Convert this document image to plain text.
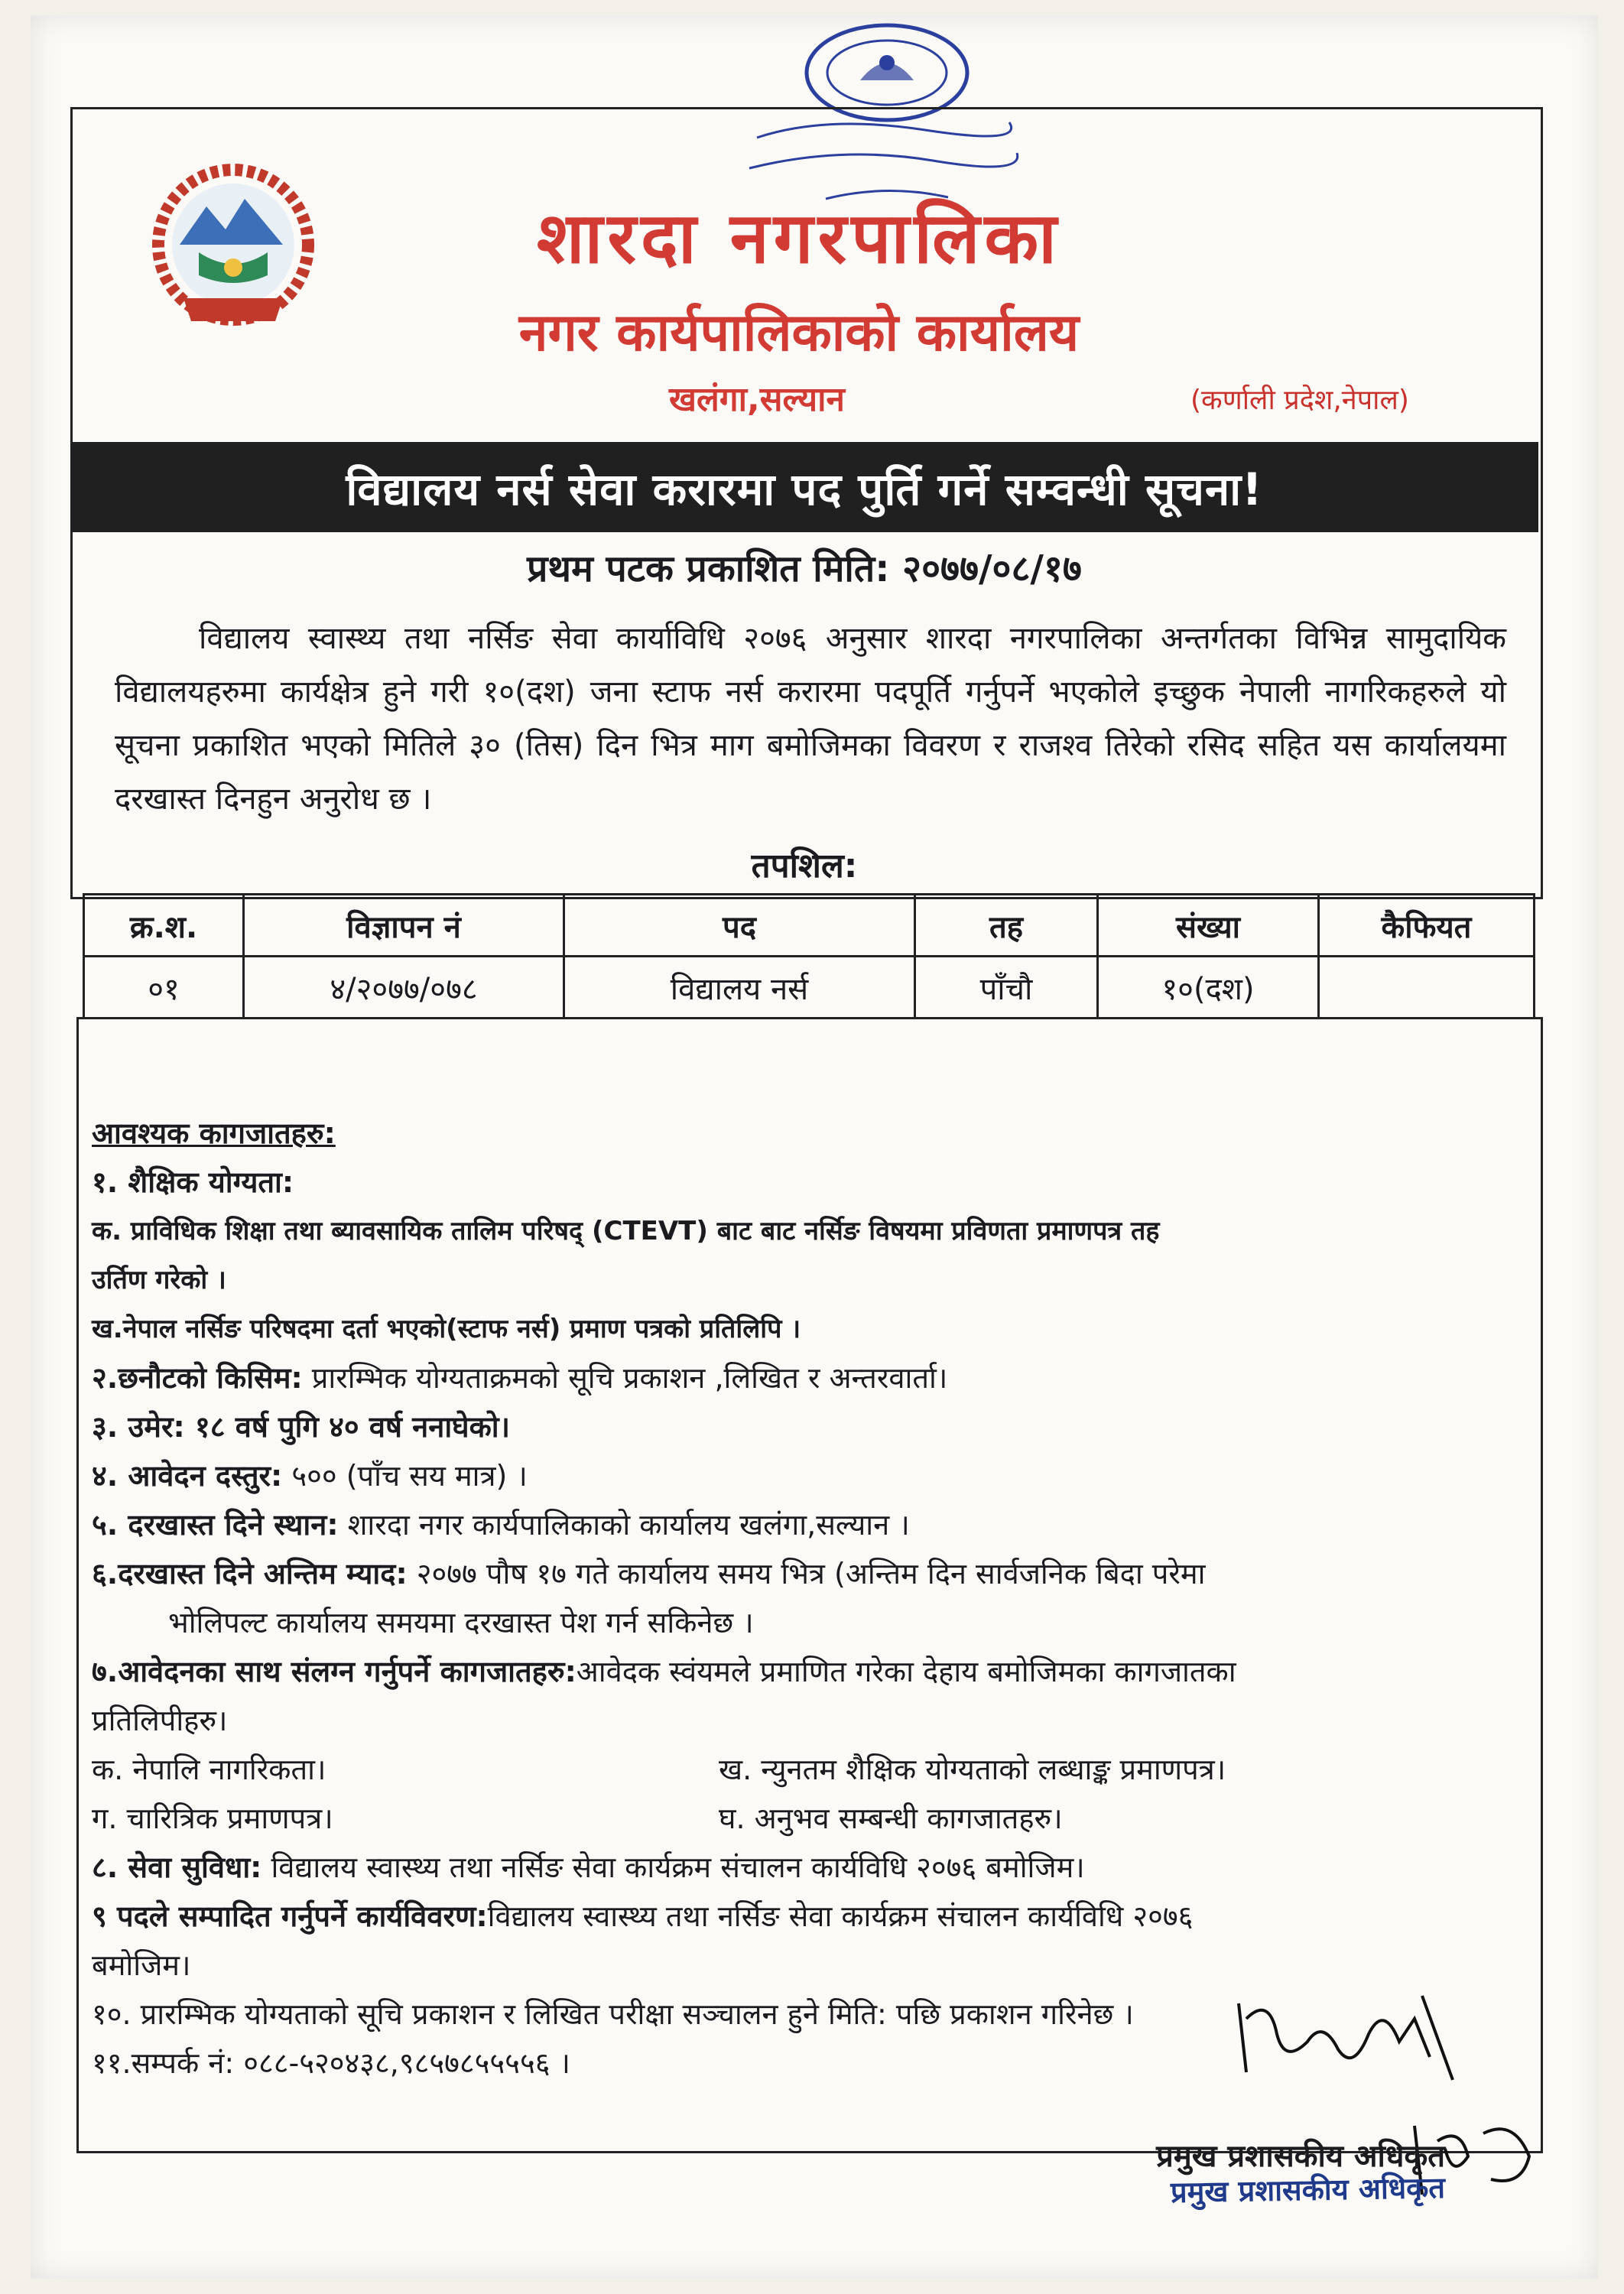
शारदा नगरपालिका
नगर कार्यपालिकाको कार्यालय
खलंगा,सल्यान	(कर्णाली प्रदेश,नेपाल)
विद्यालय नर्स सेवा करारमा पद पुर्ति गर्ने सम्वन्धी सूचना!
प्रथम पटक प्रकाशित मिति: २०७७/०८/१७
विद्यालय स्वास्थ्य तथा नर्सिङ सेवा कार्याविधि २०७६ अनुसार शारदा नगरपालिका अन्तर्गतका विभिन्न सामुदायिक विद्यालयहरुमा कार्यक्षेत्र हुने गरी १०(दश) जना स्टाफ नर्स करारमा पदपूर्ति गर्नुपर्ने भएकोले इच्छुक नेपाली नागरिकहरुले यो सूचना प्रकाशित भएको मितिले ३० (तिस) दिन भित्र माग बमोजिमका विवरण र राजश्व तिरेको रसिद सहित यस कार्यालयमा दरखास्त दिनहुन अनुरोध छ ।
तपशिल:
क्र.श.	विज्ञापन नं	पद	तह	संख्या	कैफियत
०१	४/२०७७/०७८	विद्यालय नर्स	पाँचौ	१०(दश)	
आवश्यक कागजातहरु:
१. शैक्षिक योग्यता:
क. प्राविधिक शिक्षा तथा ब्यावसायिक तालिम परिषद् (CTEVT) बाट बाट नर्सिङ विषयमा प्रविणता प्रमाणपत्र तह
उर्तिण गरेको ।
ख.नेपाल नर्सिङ परिषदमा दर्ता भएको(स्टाफ नर्स) प्रमाण पत्रको प्रतिलिपि ।
२.छनौटको किसिम: प्रारम्भिक योग्यताक्रमको सूचि प्रकाशन ,लिखित र अन्तरवार्ता।
३. उमेर: १८ वर्ष पुगि ४० वर्ष ननाघेको।
४. आवेदन दस्तुर: ५०० (पाँच सय मात्र) ।
५. दरखास्त दिने स्थान: शारदा नगर कार्यपालिकाको कार्यालय खलंगा,सल्यान ।
६.दरखास्त दिने अन्तिम म्याद: २०७७ पौष १७ गते कार्यालय समय भित्र (अन्तिम दिन सार्वजनिक बिदा परेमा
भोलिपल्ट कार्यालय समयमा दरखास्त पेश गर्न सकिनेछ ।
७.आवेदनका साथ संलग्न गर्नुपर्ने कागजातहरु:आवेदक स्वंयमले प्रमाणित गरेका देहाय बमोजिमका कागजातका
प्रतिलिपीहरु।
क. नेपालि नागरिकता।	ख. न्युनतम शैक्षिक योग्यताको लब्धाङ्क प्रमाणपत्र।
ग. चारित्रिक प्रमाणपत्र।	घ. अनुभव सम्बन्धी कागजातहरु।
८. सेवा सुविधा: विद्यालय स्वास्थ्य तथा नर्सिङ सेवा कार्यक्रम संचालन कार्यविधि २०७६ बमोजिम।
९ पदले सम्पादित गर्नुपर्ने कार्यविवरण:विद्यालय स्वास्थ्य तथा नर्सिङ सेवा कार्यक्रम संचालन कार्यविधि २०७६
बमोजिम।
१०. प्रारम्भिक योग्यताको सूचि प्रकाशन र लिखित परीक्षा सञ्चालन हुने मिति: पछि प्रकाशन गरिनेछ ।
११.सम्पर्क नं: ०८८-५२०४३८,९८५७८५५५५६ ।
प्रमुख प्रशासकीय अधिकृत
प्रमुख प्रशासकीय अधिकृत
